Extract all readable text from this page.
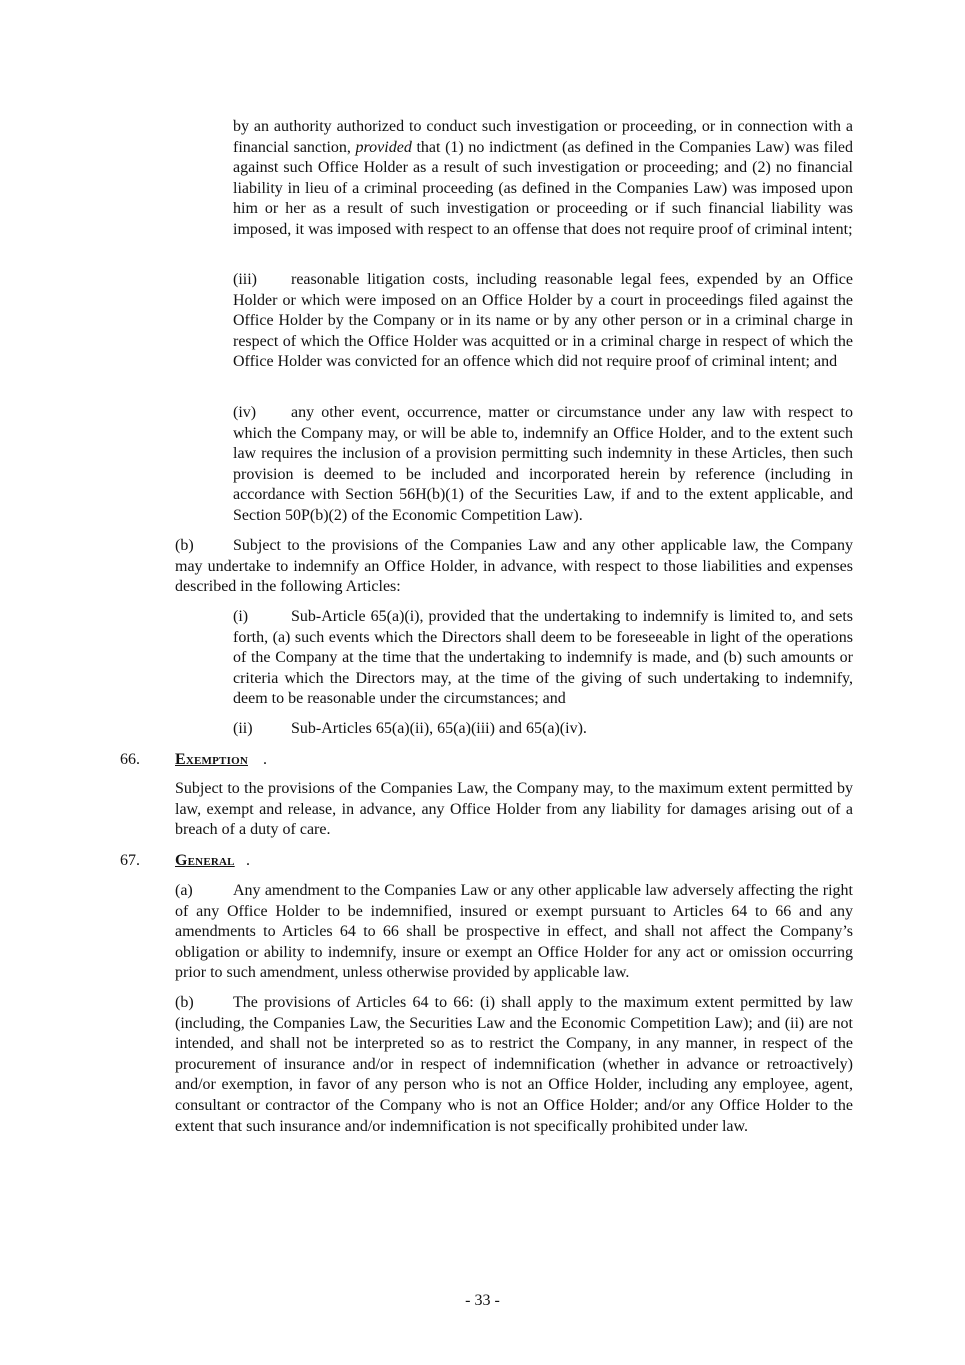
by an authority authorized to conduct such investigation or proceeding, or in connection with a financial sanction, provided that (1) no indictment (as defined in the Companies Law) was filed against such Office Holder as a result of such investigation or proceeding; and (2) no financial liability in lieu of a criminal proceeding (as defined in the Companies Law) was imposed upon him or her as a result of such investigation or proceeding or if such financial liability was imposed, it was imposed with respect to an offense that does not require proof of criminal intent;

(iii) reasonable litigation costs, including reasonable legal fees, expended by an Office Holder or which were imposed on an Office Holder by a court in proceedings filed against the Office Holder by the Company or in its name or by any other person or in a criminal charge in respect of which the Office Holder was acquitted or in a criminal charge in respect of which the Office Holder was convicted for an offence which did not require proof of criminal intent; and

(iv) any other event, occurrence, matter or circumstance under any law with respect to which the Company may, or will be able to, indemnify an Office Holder, and to the extent such law requires the inclusion of a provision permitting such indemnity in these Articles, then such provision is deemed to be included and incorporated herein by reference (including in accordance with Section 56H(b)(1) of the Securities Law, if and to the extent applicable, and Section 50P(b)(2) of the Economic Competition Law).

(b) Subject to the provisions of the Companies Law and any other applicable law, the Company may undertake to indemnify an Office Holder, in advance, with respect to those liabilities and expenses described in the following Articles:

(i)	Sub-Article 65(a)(i), provided that the undertaking to indemnify is limited to, and sets forth, (a) such events which the Directors shall deem to be foreseeable in light of the operations of the Company at the time that the undertaking to indemnify is made, and (b) such amounts or criteria which the Directors may, at the time of the giving of such undertaking to indemnify, deem to be reasonable under the circumstances; and

(ii) Sub-Articles 65(a)(ii), 65(a)(iii) and 65(a)(iv).

66. Exemption .

Subject to the provisions of the Companies Law, the Company may, to the maximum extent permitted by law, exempt and release, in advance, any Office Holder from any liability for damages arising out of a breach of a duty of care.

67. General .

(a)	Any amendment to the Companies Law or any other applicable law adversely affecting the right of any Office Holder to be indemnified, insured or exempt pursuant to Articles 64 to 66 and any amendments to Articles 64 to 66 shall be prospective in effect, and shall not affect the Company’s obligation or ability to indemnify, insure or exempt an Office Holder for any act or omission occurring prior to such amendment, unless otherwise provided by applicable law.

(b) The provisions of Articles 64 to 66: (i) shall apply to the maximum extent permitted by law (including, the Companies Law, the Securities Law and the Economic Competition Law); and (ii) are not intended, and shall not be interpreted so as to restrict the Company, in any manner, in respect of the procurement of insurance and/or in respect of indemnification (whether in advance or retroactively) and/or exemption, in favor of any person who is not an Office Holder, including any employee, agent, consultant or contractor of the Company who is not an Office Holder; and/or any Office Holder to the extent that such insurance and/or indemnification is not specifically prohibited under law.

- 33 -
